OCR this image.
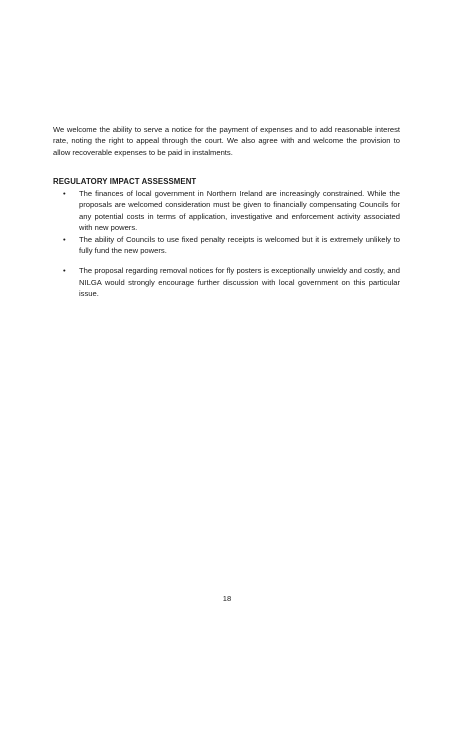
We welcome the ability to serve a notice for the payment of expenses and to add reasonable interest rate, noting the right to appeal through the court. We also agree with and welcome the provision to allow recoverable expenses to be paid in instalments.

REGULATORY IMPACT ASSESSMENT

• The finances of local government in Northern Ireland are increasingly constrained. While the proposals are welcomed consideration must be given to financially compensating Councils for any potential costs in terms of application, investigative and enforcement activity associated with new powers.
• The ability of Councils to use fixed penalty receipts is welcomed but it is extremely unlikely to fully fund the new powers.
• The proposal regarding removal notices for fly posters is exceptionally unwieldy and costly, and NILGA would strongly encourage further discussion with local government on this particular issue.

18
